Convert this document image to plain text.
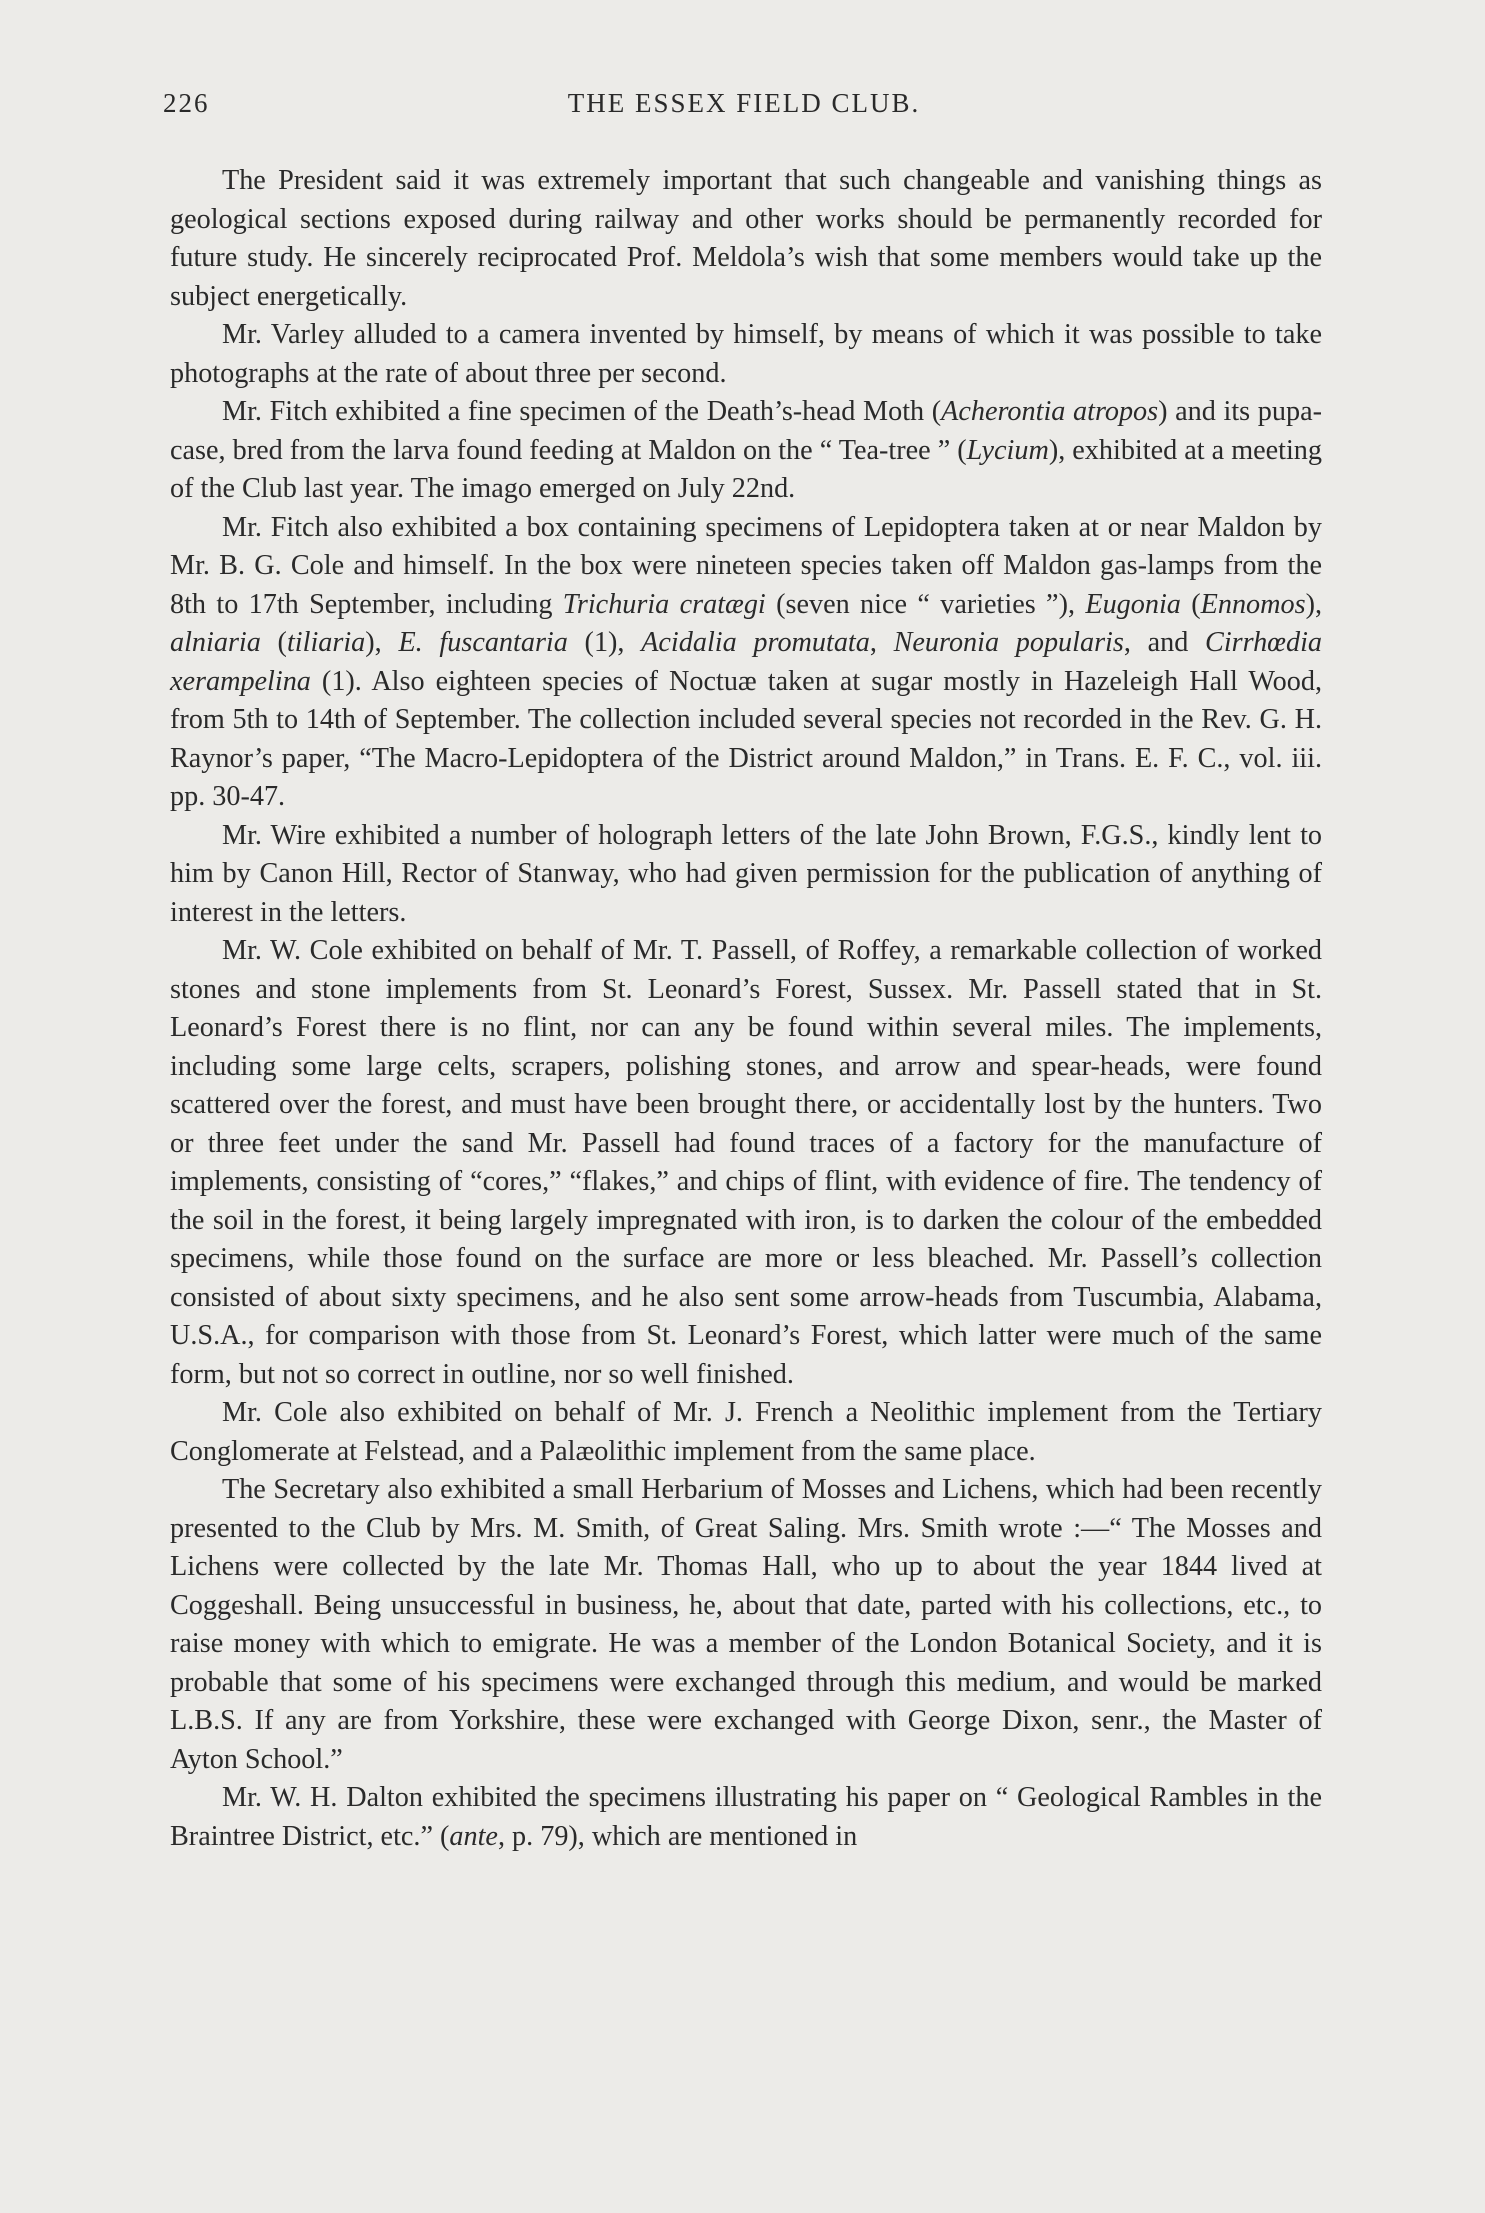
226	THE ESSEX FIELD CLUB.

The President said it was extremely important that such changeable and vanishing things as geological sections exposed during railway and other works should be permanently recorded for future study. He sincerely reciprocated Prof. Meldola’s wish that some members would take up the subject energetically.

Mr. Varley alluded to a camera invented by himself, by means of which it was possible to take photographs at the rate of about three per second.

Mr. Fitch exhibited a fine specimen of the Death’s-head Moth (Acherontia atropos) and its pupa-case, bred from the larva found feeding at Maldon on the “ Tea-tree ” (Lycium), exhibited at a meeting of the Club last year. The imago emerged on July 22nd.

Mr. Fitch also exhibited a box containing specimens of Lepidoptera taken at or near Maldon by Mr. B. G. Cole and himself. In the box were nineteen species taken off Maldon gas-lamps from the 8th to 17th September, including Trichuria cratægi (seven nice “ varieties ”), Eugonia (Ennomos), alniaria (tiliaria), E. fuscantaria (1), Acidalia promutata, Neuronia popularis, and Cirrhœdia xerampelina (1). Also eighteen species of Noctuæ taken at sugar mostly in Hazeleigh Hall Wood, from 5th to 14th of September. The collection included several species not recorded in the Rev. G. H. Raynor’s paper, “The Macro-Lepidoptera of the District around Maldon,” in Trans. E. F. C., vol. iii. pp. 30-47.

Mr. Wire exhibited a number of holograph letters of the late John Brown, F.G.S., kindly lent to him by Canon Hill, Rector of Stanway, who had given permission for the publication of anything of interest in the letters.

Mr. W. Cole exhibited on behalf of Mr. T. Passell, of Roffey, a remarkable collection of worked stones and stone implements from St. Leonard’s Forest, Sussex. Mr. Passell stated that in St. Leonard’s Forest there is no flint, nor can any be found within several miles. The implements, including some large celts, scrapers, polishing stones, and arrow and spear-heads, were found scattered over the forest, and must have been brought there, or accidentally lost by the hunters. Two or three feet under the sand Mr. Passell had found traces of a factory for the manufacture of implements, consisting of “cores,” “flakes,” and chips of flint, with evidence of fire. The tendency of the soil in the forest, it being largely impregnated with iron, is to darken the colour of the embedded specimens, while those found on the surface are more or less bleached. Mr. Passell’s collection consisted of about sixty specimens, and he also sent some arrow-heads from Tuscumbia, Alabama, U.S.A., for comparison with those from St. Leonard’s Forest, which latter were much of the same form, but not so correct in outline, nor so well finished.

Mr. Cole also exhibited on behalf of Mr. J. French a Neolithic implement from the Tertiary Conglomerate at Felstead, and a Palæolithic implement from the same place.

The Secretary also exhibited a small Herbarium of Mosses and Lichens, which had been recently presented to the Club by Mrs. M. Smith, of Great Saling. Mrs. Smith wrote :—“ The Mosses and Lichens were collected by the late Mr. Thomas Hall, who up to about the year 1844 lived at Coggeshall. Being unsuccessful in business, he, about that date, parted with his collections, etc., to raise money with which to emigrate. He was a member of the London Botanical Society, and it is probable that some of his specimens were exchanged through this medium, and would be marked L.B.S. If any are from Yorkshire, these were exchanged with George Dixon, senr., the Master of Ayton School.”

Mr. W. H. Dalton exhibited the specimens illustrating his paper on “ Geological Rambles in the Braintree District, etc.” (ante, p. 79), which are mentioned in
